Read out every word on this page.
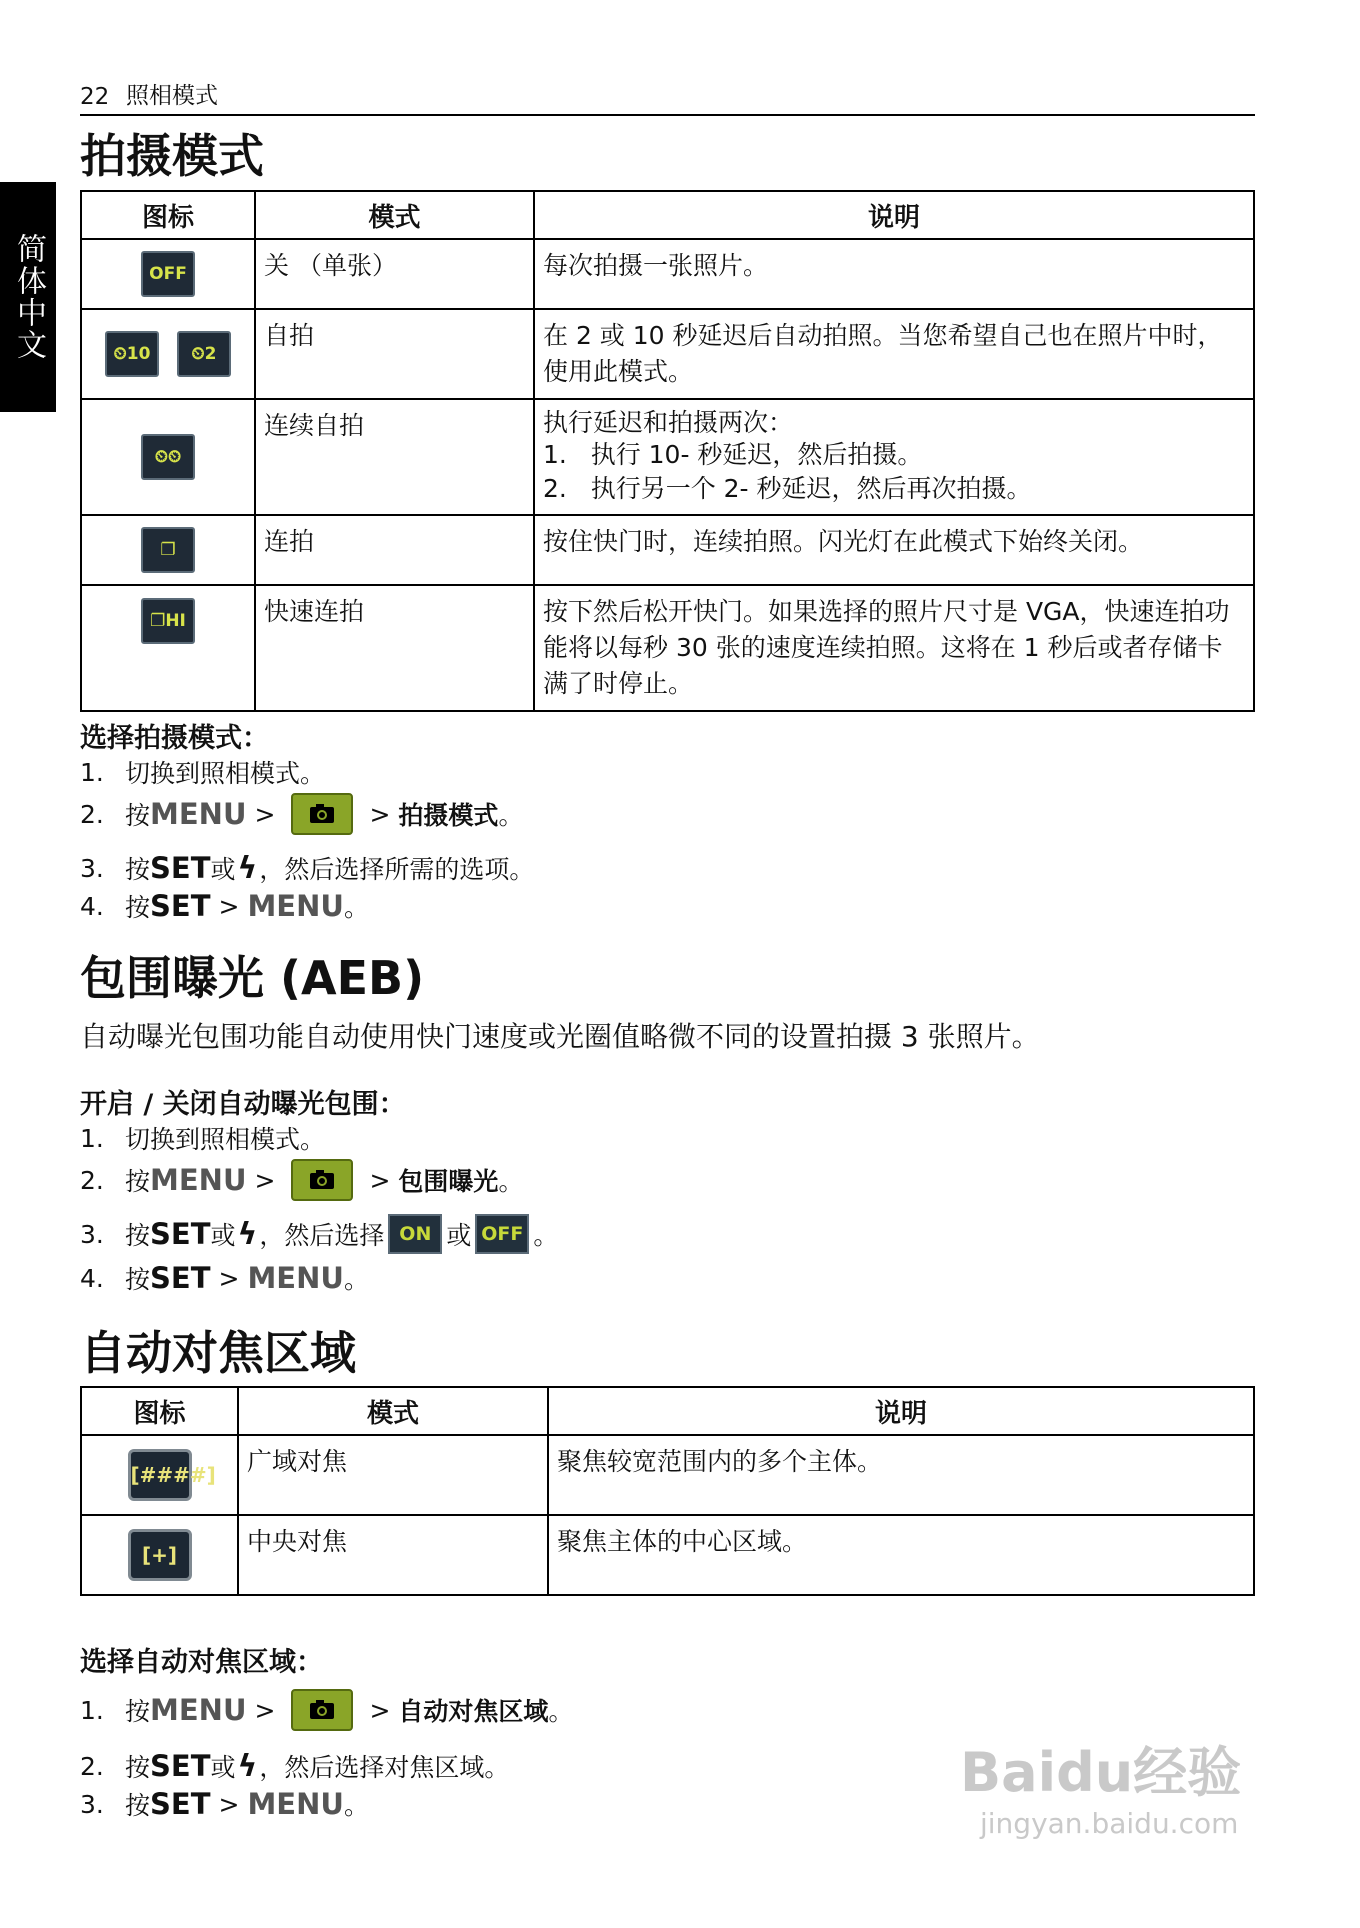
简体中文
22 照相模式
拍摄模式
图标	模式	说明
OFF	关 （单张）	每次拍摄一张照片。
⏲10 ⏲2	自拍	在 2 或 10 秒延迟后自动拍照。当您希望自己也在照片中时，使用此模式。
⏲⏲	连续自拍	执行延迟和拍摄两次：
1.   执行 10- 秒延迟，然后拍摄。
2.   执行另一个 2- 秒延迟，然后再次拍摄。

❐	连拍	按住快门时，连续拍照。闪光灯在此模式下始终关闭。
❐HI	快速连拍	按下然后松开快门。如果选择的照片尺寸是 VGA，快速连拍功能将以每秒 30 张的速度连续拍照。这将在 1 秒后或者存储卡满了时停止。
选择拍摄模式：
1. 切换到照相模式。
2. 按 MENU >	> 拍摄模式 。
3. 按 SET 或 ϟ ，然后选择所需的选项。
4. 按 SET > MENU 。
包围曝光 (AEB)
自动曝光包围功能自动使用快门速度或光圈值略微不同的设置拍摄 3 张照片。
开启 / 关闭自动曝光包围：
1. 切换到照相模式。
2. 按 MENU >	> 包围曝光 。
3. 按 SET 或 ϟ ，然后选择 ON 或 OFF 。
4. 按 SET > MENU 。
自动对焦区域
图标	模式	说明
[####]	广域对焦	聚焦较宽范围内的多个主体。
[+]	中央对焦	聚焦主体的中心区域。
选择自动对焦区域：
1. 按 MENU >	> 自动对焦区域 。
2. 按 SET 或 ϟ ，然后选择对焦区域。
3. 按 SET > MENU 。
Baidu经验
jingyan.baidu.com
